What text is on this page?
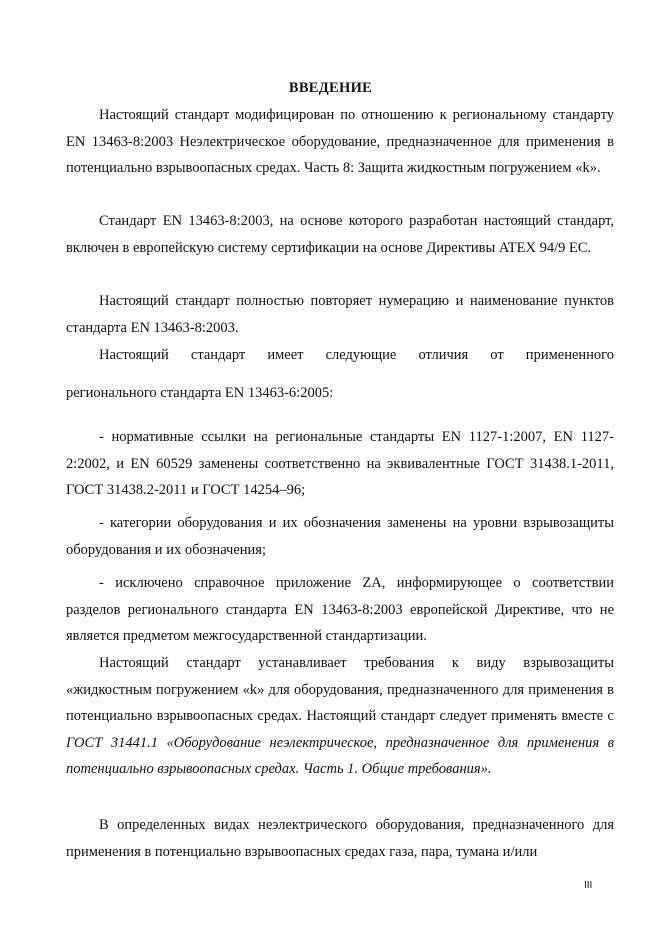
ВВЕДЕНИЕ

Настоящий стандарт модифицирован по отношению к региональному стандарту EN 13463-8:2003 Неэлектрическое оборудование, предназначенное для применения в потенциально взрывоопасных средах. Часть 8: Защита жидкостным погружением «k».

Стандарт EN 13463-8:2003, на основе которого разработан настоящий стандарт, включен в европейскую систему сертификации на основе Директивы ATEX 94/9 EC.

Настоящий стандарт полностью повторяет нумерацию и наименование пунктов стандарта EN 13463-8:2003.

Настоящий стандарт имеет следующие отличия от примененного

регионального стандарта EN 13463-6:2005:

- нормативные ссылки на региональные стандарты EN 1127-1:2007, EN 1127-2:2002, и EN 60529 заменены соответственно на эквивалентные ГОСТ 31438.1-2011, ГОСТ 31438.2-2011 и ГОСТ 14254–96;

- категории оборудования и их обозначения заменены на уровни взрывозащиты оборудования и их обозначения;

- исключено справочное приложение ZA, информирующее о соответствии разделов регионального стандарта EN 13463-8:2003 европейской Директиве, что не является предметом межгосударственной стандартизации.

Настоящий стандарт устанавливает требования к виду взрывозащиты «жидкостным погружением «k» для оборудования, предназначенного для применения в потенциально взрывоопасных средах. Настоящий стандарт следует применять вместе с ГОСТ 31441.1 «Оборудование неэлектрическое, предназначенное для применения в потенциально взрывоопасных средах. Часть 1. Общие требования».

В определенных видах неэлектрического оборудования, предназначенного для применения в потенциально взрывоопасных средах газа, пара, тумана и/или

III
